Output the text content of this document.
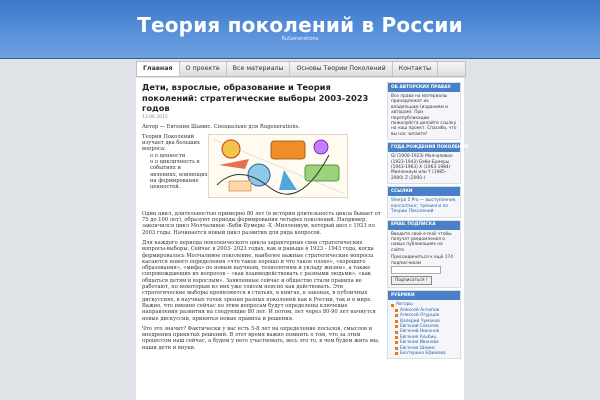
Теория поколений в России
RuGenerations
Главная	О проекте	Все материалы	Основы Теории Поколений	Контакты
Дети, взрослые, образование и Теория поколений: стратегические выборы 2003-2023 годов
13.06.2015

Автор — Евгения Шамис. Специально для Rugenerations.

Теория Поколений изучает два больших вопроса:
o о ценности
o о цикличность в событиях и явлениях, влияющих на формирование ценностей.

Один цикл, длительностью примерно 80 лет (в истории длительность цикла бывает от 75 до 100 лет), образуют периоды формирования четырех поколений. Например, закончился цикл Молчаливое -Беби-Бумеры -Х -Миллениум, который шел с 1923 по 2003 годы. Начинается новый цикл развития для ряда вопросов.

Для каждого периода поколенческого цикла характерные свои стратегические вопросы-выборы. Сейчас в 2003- 2023 годах, как и раньше в 1923 - 1943 года, когда формировалось Молчаливое поколение, наиболее важные стратегические вопросы касаются нового определения «что такое хорошо и что такое плохо», «хорошего образования», «мифа» по новым научным, технологиям и укладу жизни», а также сопровождающих их вопросов – «как взаимодействовать с разными людьми», «как общаться детям и взрослым». Заявленные сейчас и общество стали правила не работают, по некоторым из них уже совсем неясно как действовать. Эти стратегические выборы проявляются в статьях, в книгах, в законах, в публичных дискуссиях, в научных точек зрения разных поколений как в России, так и в мире. Важно, что именно сейчас по этим вопросам будут определены ключевые направления развития на следующие 80 лет. И потом, лет через 80-90 лет начнутся новые дискуссии, принятья новые правила и решения.

Что это значит? Фактически у вас есть 5-8 лет на определение посылов, смыслов и внедрения принятых решений. В этот время важно помнить о том, что за этим процессом наш сейчас, а будем у него участвовать, весь это то, в чем будем жить мы, наши дети и внуки.

ОБ АВТОРСКИХ ПРАВАХ
Все права на материалы принадлежат их владельцам (изданиям и авторам). При перепубликации пожалуйста делайте ссылку на наш проект. Спасибо, что вы нас читаете!
ГОДА РОЖДЕНИЯ ПОКОЛЕНИЙ
GI (1900-1923) Молчаливое (1923-1943) Беби-Бумеры (1943-1963) X (1963-1984) Миллениум или Y (1985-2000) Z (2000-)
ССЫЛКИ
Sherpa 5 Pro — выступления, консалтинг, тренинги по Теории Поколений
EMAIL ПОДПИСКА
Введите свой e-mail чтобы получат уведомления о новых публикациях на сайте.
Присоединиться к ещё 174 подписчикам
Подписаться !
РУБРИКИ
Авторы
Алексей Антипов
Алексей Огурцов
Валерий Чумаков
Евгений Соколов
Евгений Никонов
Евгения Альбиц
Евгения Иванова
Евгения Шамис
Екатерина Ефимова
